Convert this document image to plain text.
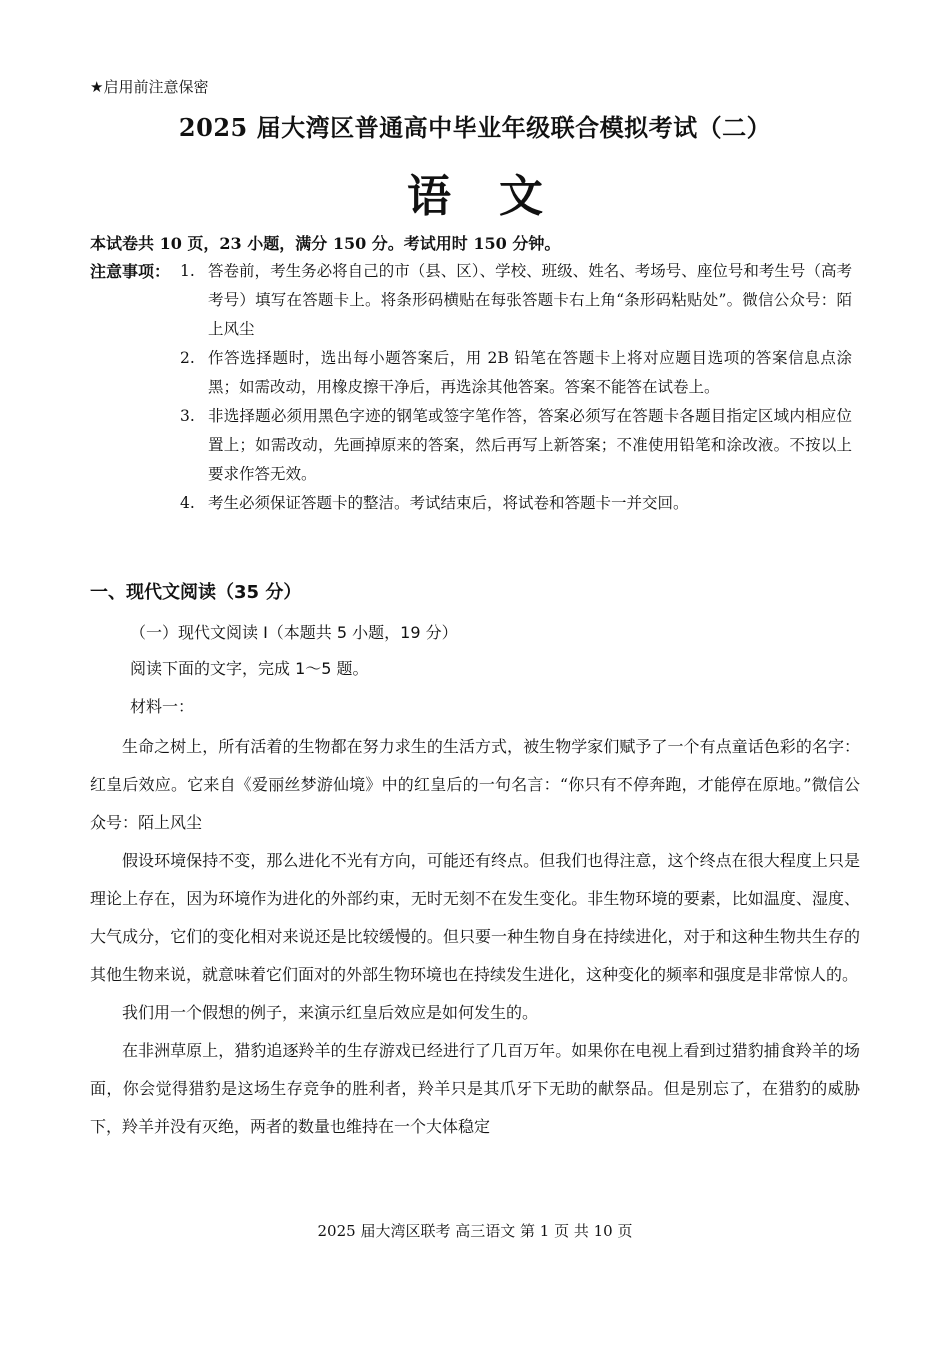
★启用前注意保密
2025 届大湾区普通高中毕业年级联合模拟考试（二）
语文
本试卷共 10 页，23 小题，满分 150 分。考试用时 150 分钟。
注意事项： 1. 答卷前，考生务必将自己的市（县、区）、学校、班级、姓名、考场号、座位号和考生号（高考考号）填写在答题卡上。将条形码横贴在每张答题卡右上角“条形码粘贴处”。微信公众号：陌上风尘
2. 作答选择题时，选出每小题答案后，用 2B 铅笔在答题卡上将对应题目选项的答案信息点涂黑；如需改动，用橡皮擦干净后，再选涂其他答案。答案不能答在试卷上。
3. 非选择题必须用黑色字迹的钢笔或签字笔作答，答案必须写在答题卡各题目指定区域内相应位置上；如需改动，先画掉原来的答案，然后再写上新答案；不准使用铅笔和涂改液。不按以上要求作答无效。
4. 考生必须保证答题卡的整洁。考试结束后，将试卷和答题卡一并交回。
一、现代文阅读（35 分）
（一）现代文阅读 I（本题共 5 小题，19 分）
阅读下面的文字，完成 1～5 题。
材料一：

生命之树上，所有活着的生物都在努力求生的生活方式，被生物学家们赋予了一个有点童话色彩的名字：红皇后效应。它来自《爱丽丝梦游仙境》中的红皇后的一句名言：“你只有不停奔跑，才能停在原地。”微信公众号：陌上风尘

假设环境保持不变，那么进化不光有方向，可能还有终点。但我们也得注意，这个终点在很大程度上只是理论上存在，因为环境作为进化的外部约束，无时无刻不在发生变化。非生物环境的要素，比如温度、湿度、大气成分，它们的变化相对来说还是比较缓慢的。但只要一种生物自身在持续进化，对于和这种生物共生存的其他生物来说，就意味着它们面对的外部生物环境也在持续发生进化，这种变化的频率和强度是非常惊人的。

我们用一个假想的例子，来演示红皇后效应是如何发生的。

在非洲草原上，猎豹追逐羚羊的生存游戏已经进行了几百万年。如果你在电视上看到过猎豹捕食羚羊的场面，你会觉得猎豹是这场生存竞争的胜利者，羚羊只是其爪牙下无助的献祭品。但是别忘了，在猎豹的威胁下，羚羊并没有灭绝，两者的数量也维持在一个大体稳定

2025 届大湾区联考 高三语文 第 1 页 共 10 页
